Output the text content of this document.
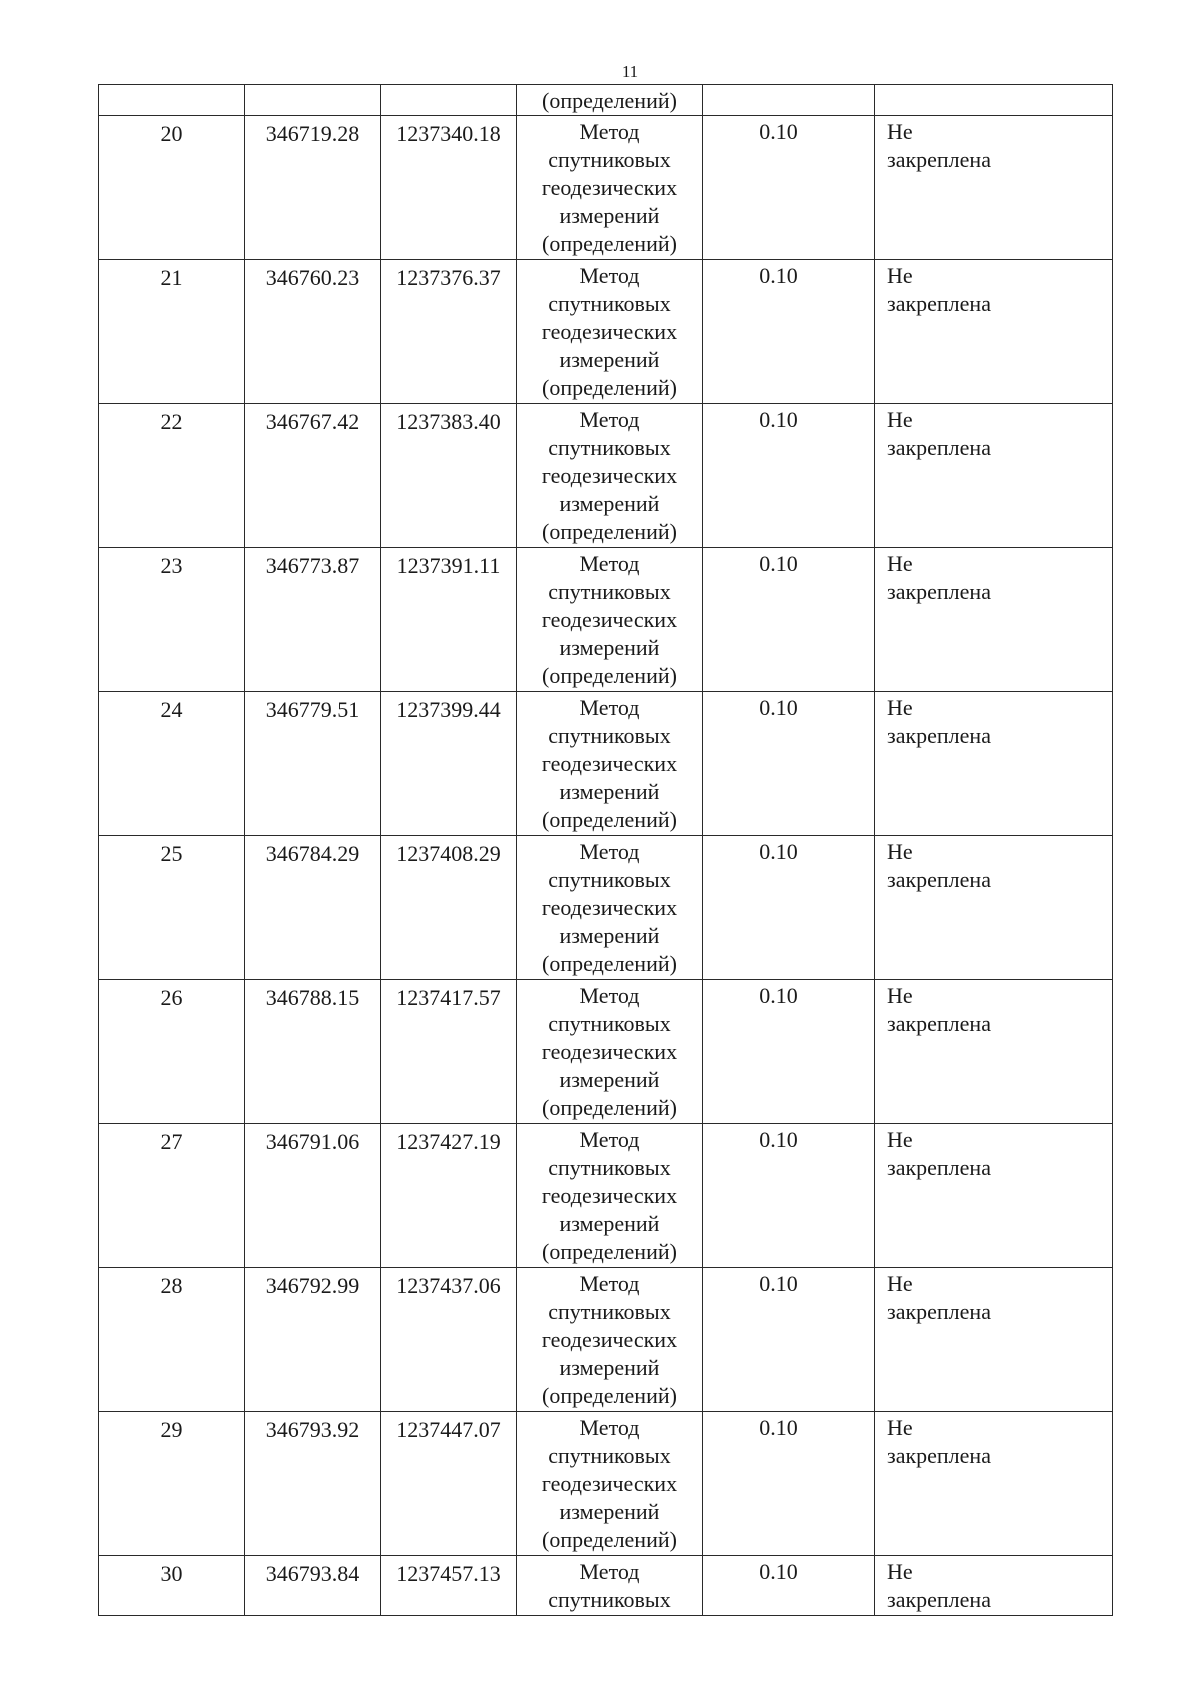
11

			(определений)		

20	346719.28	1237340.18	Метод
спутниковых
геодезических
измерений
(определений)	0.10	Не
закреплена

21	346760.23	1237376.37	Метод
спутниковых
геодезических
измерений
(определений)	0.10	Не
закреплена

22	346767.42	1237383.40	Метод
спутниковых
геодезических
измерений
(определений)	0.10	Не
закреплена

23	346773.87	1237391.11	Метод
спутниковых
геодезических
измерений
(определений)	0.10	Не
закреплена

24	346779.51	1237399.44	Метод
спутниковых
геодезических
измерений
(определений)	0.10	Не
закреплена

25	346784.29	1237408.29	Метод
спутниковых
геодезических
измерений
(определений)	0.10	Не
закреплена

26	346788.15	1237417.57	Метод
спутниковых
геодезических
измерений
(определений)	0.10	Не
закреплена

27	346791.06	1237427.19	Метод
спутниковых
геодезических
измерений
(определений)	0.10	Не
закреплена

28	346792.99	1237437.06	Метод
спутниковых
геодезических
измерений
(определений)	0.10	Не
закреплена

29	346793.92	1237447.07	Метод
спутниковых
геодезических
измерений
(определений)	0.10	Не
закреплена

30	346793.84	1237457.13	Метод
спутниковых	0.10	Не
закреплена
